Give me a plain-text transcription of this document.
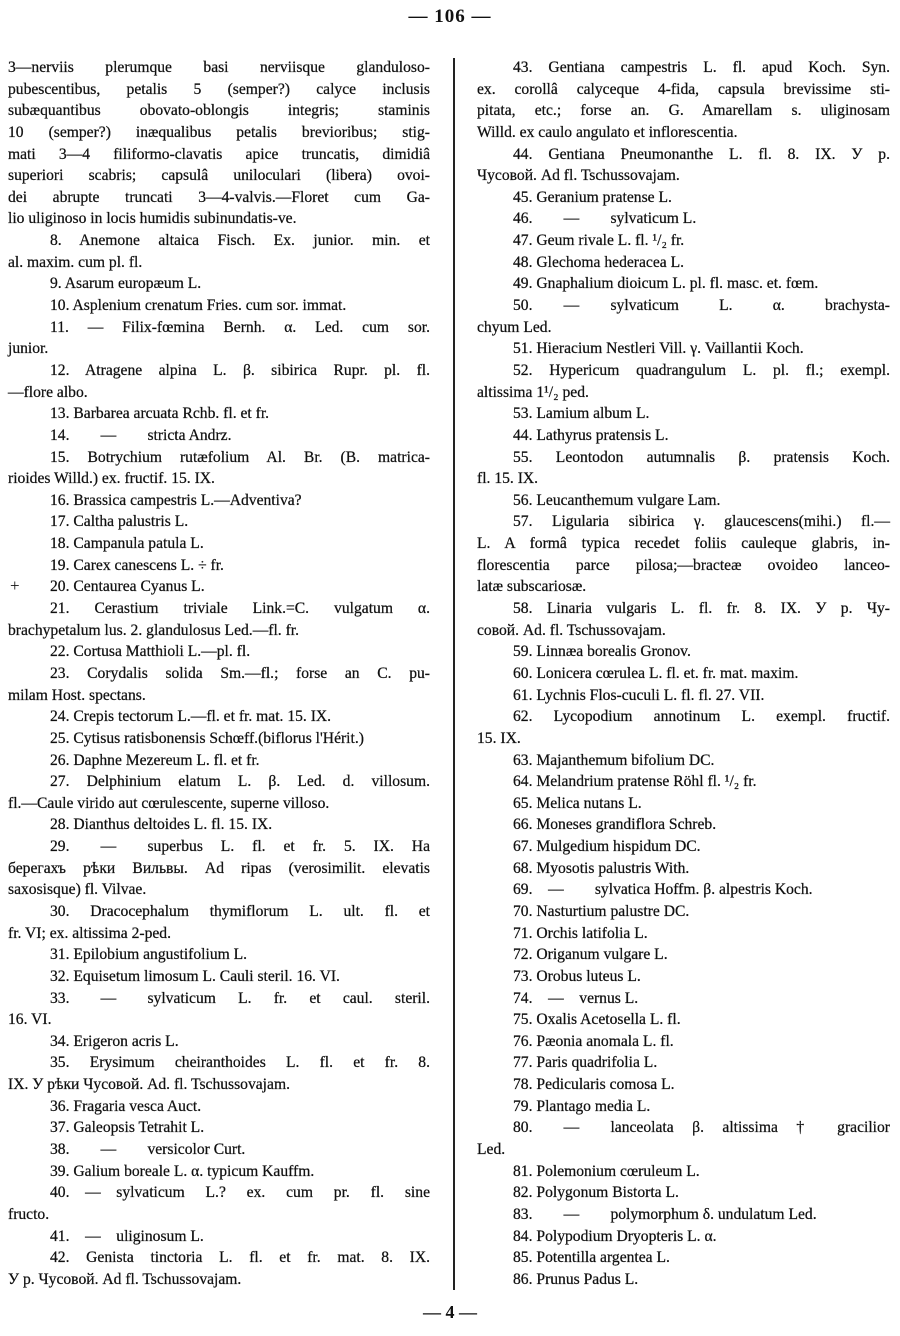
— 106 —
3—nerviis plerumque basi nerviisque glanduloso-
pubescentibus, petalis 5 (semper?) calyce inclusis
subæquantibus obovato-oblongis integris; staminis
10 (semper?) inæqualibus petalis brevioribus; stig-
mati 3—4 filiformo-clavatis apice truncatis, dimidiâ
superiori scabris; capsulâ uniloculari (libera) ovoi-
dei abrupte truncati 3—4-valvis.—Floret cum Ga-
lio uliginoso in locis humidis subinundatis-ve.
8. Anemone altaica Fisch. Ex. junior. min. et
al. maxim. cum pl. fl.
9. Asarum europæum L.
10. Asplenium crenatum Fries. cum sor. immat.
11. — Filix-fœmina Bernh. α. Led. cum sor.
junior.
12. Atragene alpina L. β. sibirica Rupr. pl. fl.
—flore albo.
13. Barbarea arcuata Rchb. fl. et fr.
14.  —  stricta Andrz.
15. Botrychium rutæfolium Al. Br. (B. matrica-
rioides Willd.) ex. fructif. 15. IX.
16. Brassica campestris L.—Adventiva?
17. Caltha palustris L.
18. Campanula patula L.
19. Carex canescens L. ÷ fr.
+	20. Centaurea Cyanus L.
21. Cerastium triviale Link.=C. vulgatum α.
brachypetalum lus. 2. glandulosus Led.—fl. fr.
22. Cortusa Matthioli L.—pl. fl.
23. Corydalis solida Sm.—fl.; forse an C. pu-
milam Host. spectans.
24. Crepis tectorum L.—fl. et fr. mat. 15. IX.
25. Cytisus ratisbonensis Schœff.(biflorus l'Hérit.)
26. Daphne Mezereum L. fl. et fr.
27. Delphinium elatum L. β. Led. d. villosum.
fl.—Caule virido aut cœrulescente, superne villoso.
28. Dianthus deltoides L. fl. 15. IX.
29.  —  superbus L. fl. et fr. 5. IX. На
берегахъ рѣки Вильвы. Ad ripas (verosimilit. elevatis
saxosisque) fl. Vilvae.
30. Dracocephalum thymiflorum L. ult. fl. et
fr. VI; ex. altissima 2-ped.
31. Epilobium angustifolium L.
32. Equisetum limosum L. Cauli steril. 16. VI.
33.  —  sylvaticum L. fr. et caul. steril.
16. VI.
34. Erigeron acris L.
35. Erysimum cheiranthoides L. fl. et fr. 8.
IX. У рѣки Чусовой. Ad. fl. Tschussovajam.
36. Fragaria vesca Auct.
37. Galeopsis Tetrahit L.
38.  —  versicolor Curt.
39. Galium boreale L. α. typicum Kauffm.
40. — sylvaticum L.? ex. cum pr. fl. sine
fructo.
41. — uliginosum L.
42. Genista tinctoria L. fl. et fr. mat. 8. IX.
У р. Чусовой. Ad fl. Tschussovajam.
43. Gentiana campestris L. fl. apud Koch. Syn.
ex. corollâ calyceque 4-fida, capsula brevissime sti-
pitata, etc.; forse an. G. Amarellam s. uliginosam
Willd. ex caulo angulato et inflorescentia.
44. Gentiana Pneumonanthe L. fl. 8. IX. У р.
Чусовой. Ad fl. Tschussovajam.
45. Geranium pratense L.
46.  —  sylvaticum L.
47. Geum rivale L. fl. ¹/₂ fr.
48. Glechoma hederacea L.
49. Gnaphalium dioicum L. pl. fl. masc. et. fœm.
50.  —  sylvaticum L. α. brachysta-
chyum Led.
51. Hieracium Nestleri Vill. γ. Vaillantii Koch.
52. Hypericum quadrangulum L. pl. fl.; exempl.
altissima 1¹/₂ ped.
53. Lamium album L.
44. Lathyrus pratensis L.
55. Leontodon autumnalis β. pratensis Koch.
fl. 15. IX.
56. Leucanthemum vulgare Lam.
57. Ligularia sibirica γ. glaucescens(mihi.) fl.—
L. A formâ typica recedet foliis cauleque glabris, in-
florescentia parce pilosa;—bracteæ ovoideo lanceo-
latæ subscariosæ.
58. Linaria vulgaris L. fl. fr. 8. IX. У р. Чу-
совой. Ad. fl. Tschussovajam.
59. Linnæa borealis Gronov.
60. Lonicera cœrulea L. fl. et. fr. mat. maxim.
61. Lychnis Flos-cuculi L. fl. fl. 27. VII.
62. Lycopodium annotinum L. exempl. fructif.
15. IX.
63. Majanthemum bifolium DC.
64. Melandrium pratense Röhl fl. ¹/₂ fr.
65. Melica nutans L.
66. Moneses grandiflora Schreb.
67. Mulgedium hispidum DC.
68. Myosotis palustris With.
69. —  sylvatica Hoffm. β. alpestris Koch.
70. Nasturtium palustre DC.
71. Orchis latifolia L.
72. Origanum vulgare L.
73. Orobus luteus L.
74. — vernus L.
75. Oxalis Acetosella L. fl.
76. Pæonia anomala L. fl.
77. Paris quadrifolia L.
78. Pedicularis comosa L.
79. Plantago media L.
80.  —  lanceolata β. altissima † gracilior
Led.
81. Polemonium cœruleum L.
82. Polygonum Bistorta L.
83.  —  polymorphum δ. undulatum Led.
84. Polypodium Dryopteris L. α.
85. Potentilla argentea L.
86. Prunus Padus L.
— 4 —
